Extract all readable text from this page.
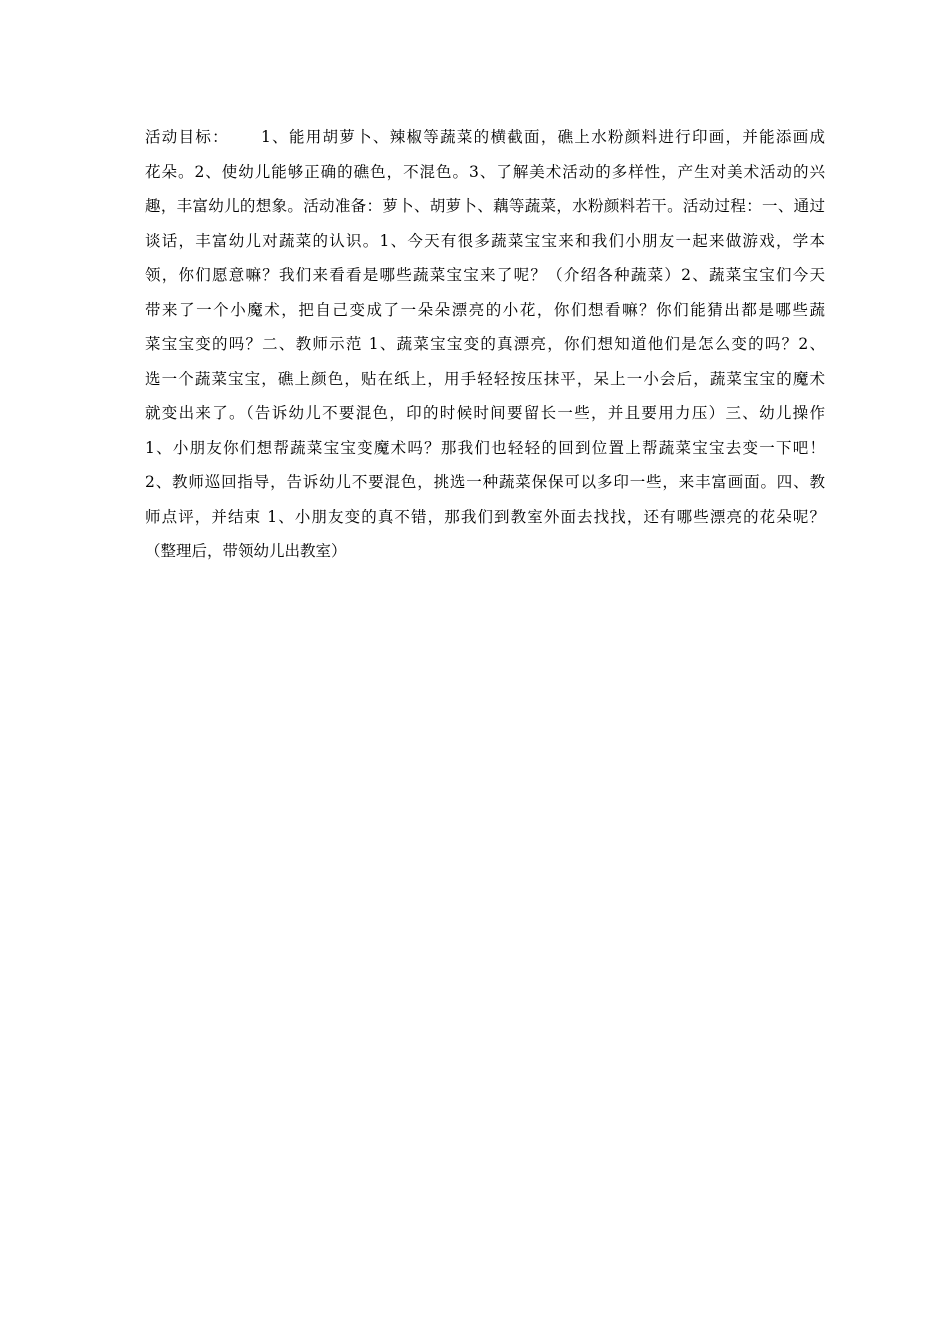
活动目标：　　 1、能用胡萝卜、辣椒等蔬菜的横截面，礁上水粉颜料进行印画，并能添画成
花朵。2、使幼儿能够正确的礁色，不混色。3、了解美术活动的多样性，产生对美术活动的兴
趣，丰富幼儿的想象。活动准备：萝卜、胡萝卜、藕等蔬菜，水粉颜料若干。活动过程：一、通过
谈话，丰富幼儿对蔬菜的认识。1、今天有很多蔬菜宝宝来和我们小朋友一起来做游戏，学本
领，你们愿意嘛？我们来看看是哪些蔬菜宝宝来了呢？（介绍各种蔬菜）2、蔬菜宝宝们今天
带来了一个小魔术，把自己变成了一朵朵漂亮的小花，你们想看嘛？你们能猜出都是哪些蔬
菜宝宝变的吗？二、教师示范 1、蔬菜宝宝变的真漂亮，你们想知道他们是怎么变的吗？2、
选一个蔬菜宝宝，礁上颜色，贴在纸上，用手轻轻按压抹平，呆上一小会后，蔬菜宝宝的魔术
就变出来了。（告诉幼儿不要混色，印的时候时间要留长一些，并且要用力压）三、幼儿操作
1、小朋友你们想帮蔬菜宝宝变魔术吗？那我们也轻轻的回到位置上帮蔬菜宝宝去变一下吧！
2、教师巡回指导，告诉幼儿不要混色，挑选一种蔬菜保保可以多印一些，来丰富画面。四、教
师点评，并结束 1、小朋友变的真不错，那我们到教室外面去找找，还有哪些漂亮的花朵呢？
（整理后，带领幼儿出教室）
